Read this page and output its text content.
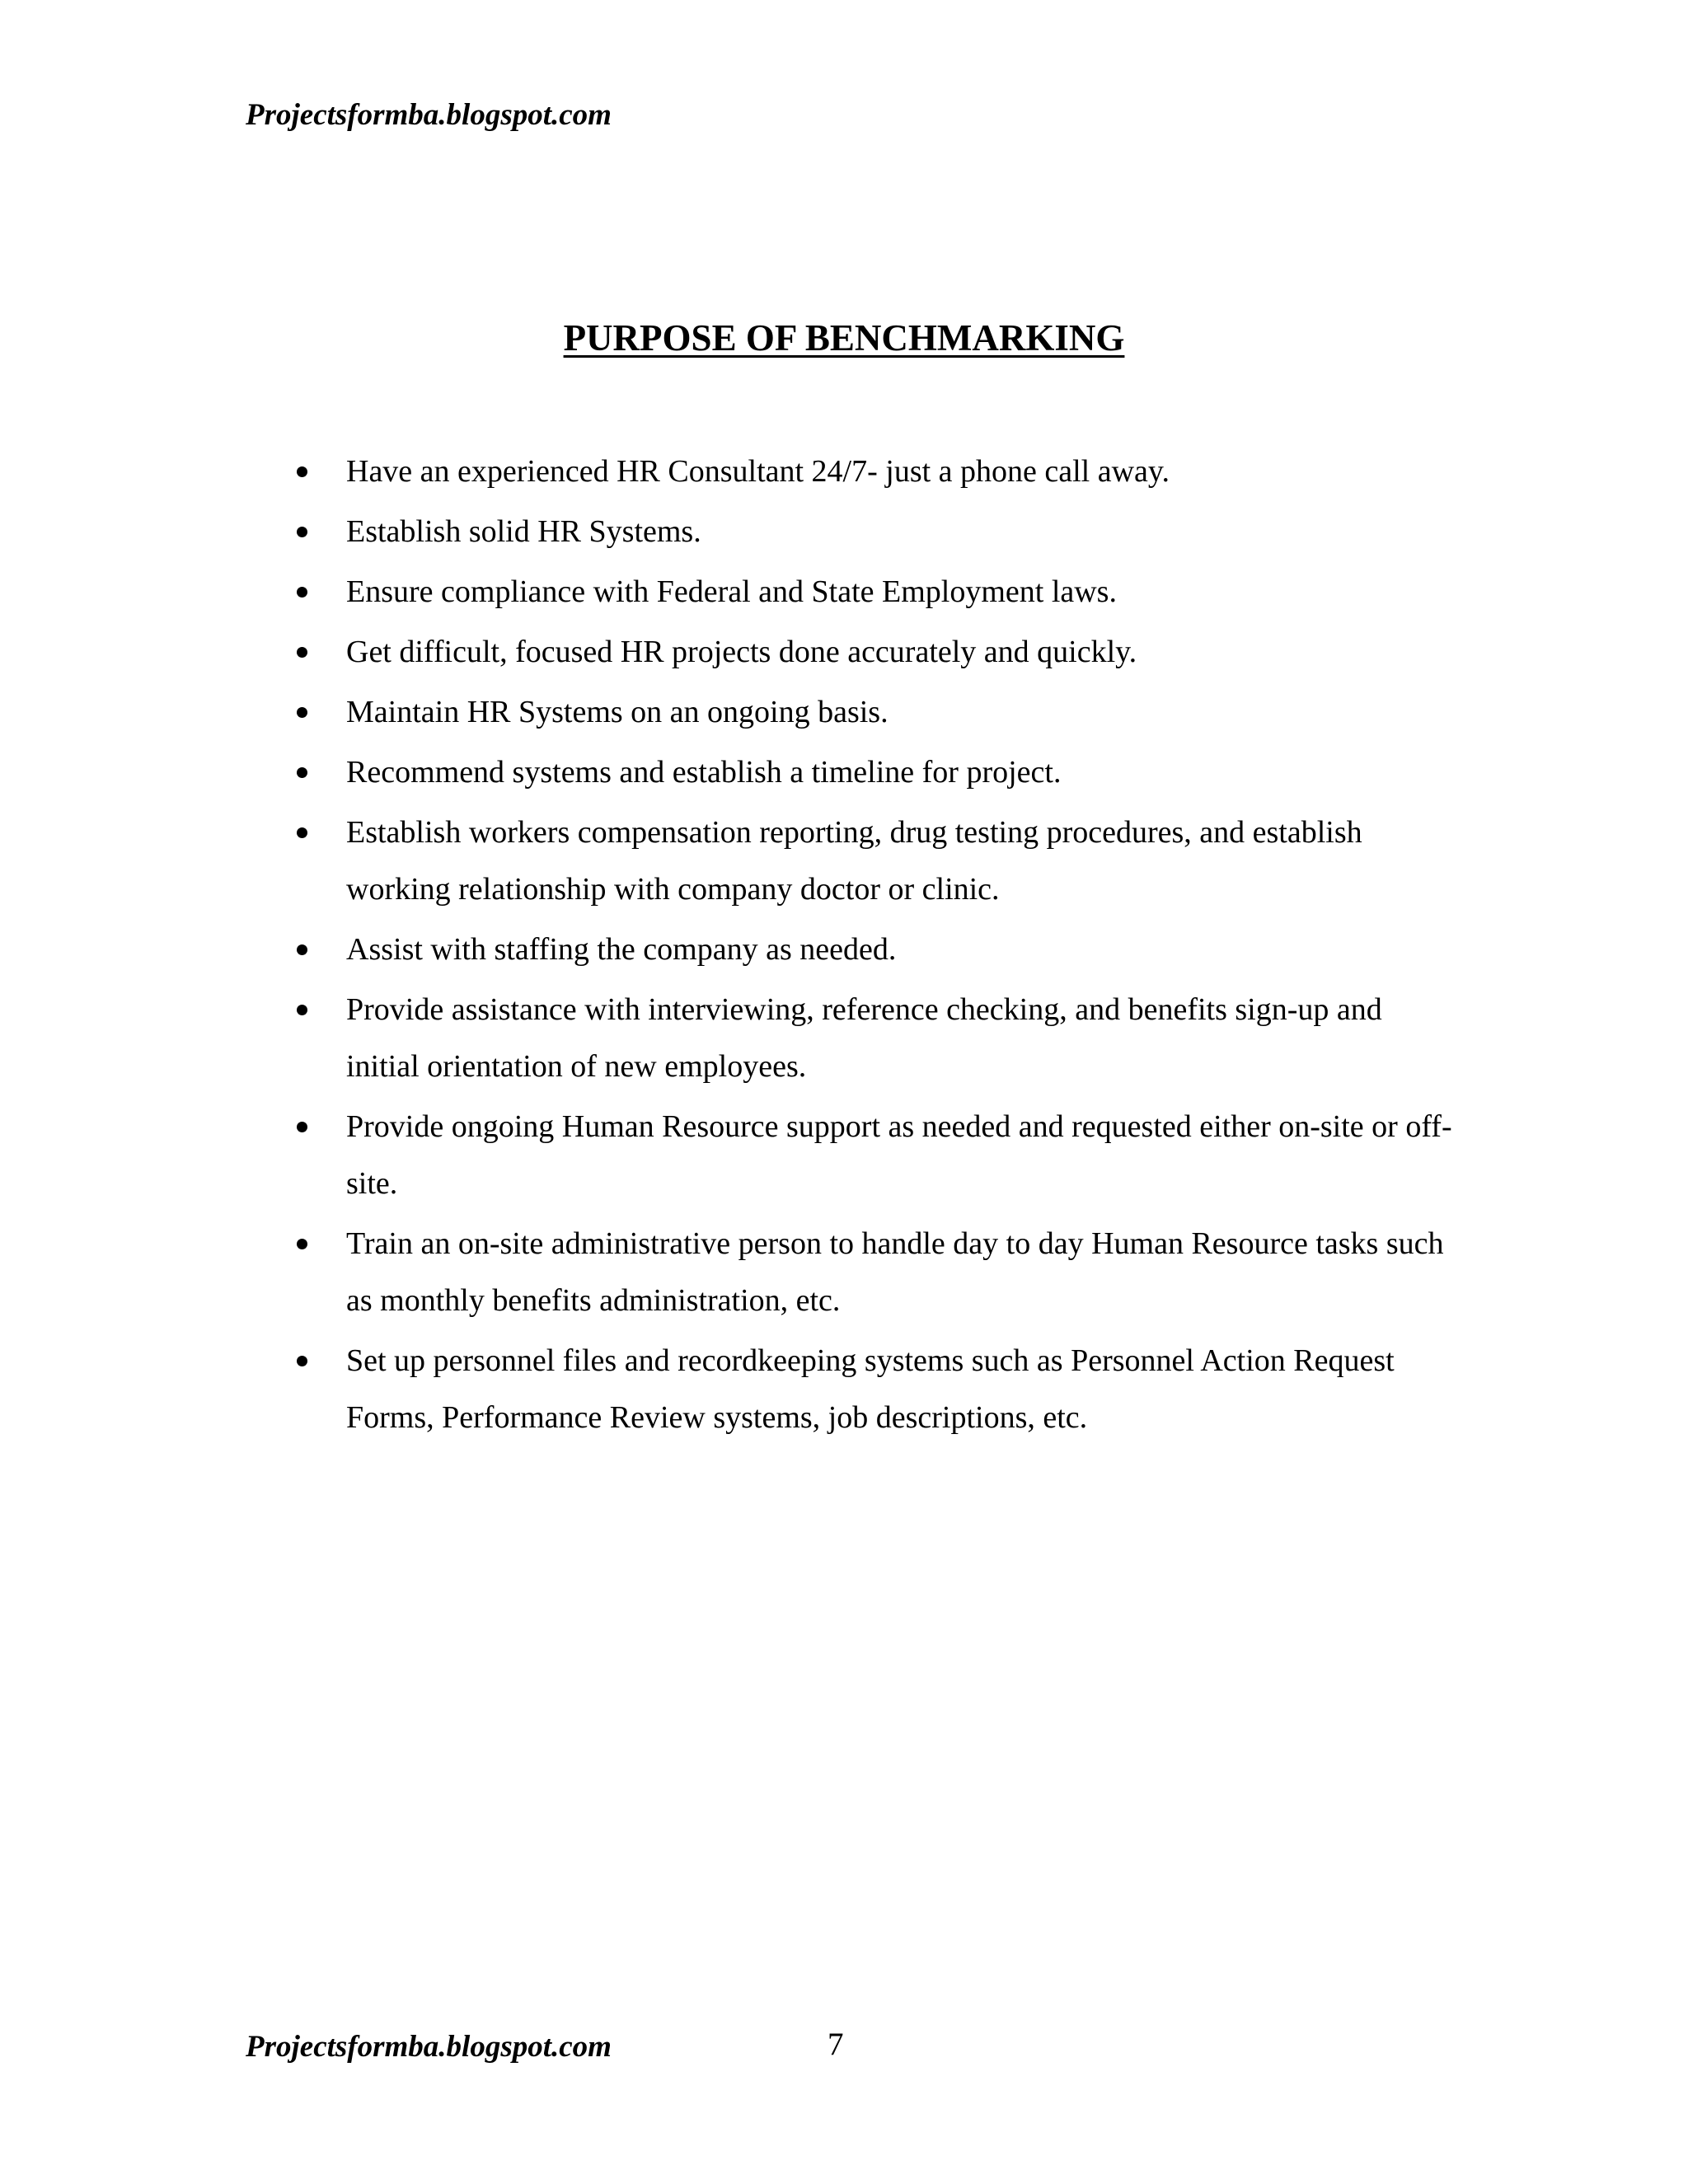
Projectsformba.blogspot.com
PURPOSE OF BENCHMARKING
Have an experienced HR Consultant 24/7- just a phone call away.
Establish solid HR Systems.
Ensure compliance with Federal and State Employment laws.
Get difficult, focused HR projects done accurately and quickly.
Maintain HR Systems on an ongoing basis.
Recommend systems and establish a timeline for project.
Establish workers compensation reporting, drug testing procedures, and establish working relationship with company doctor or clinic.
Assist with staffing the company as needed.
Provide assistance with interviewing, reference checking, and benefits sign-up and initial orientation of new employees.
Provide ongoing Human Resource support as needed and requested either on-site or off-site.
Train an on-site administrative person to handle day to day Human Resource tasks such as monthly benefits administration, etc.
Set up personnel files and recordkeeping systems such as Personnel Action Request Forms, Performance Review systems, job descriptions, etc.
Projectsformba.blogspot.com	7
